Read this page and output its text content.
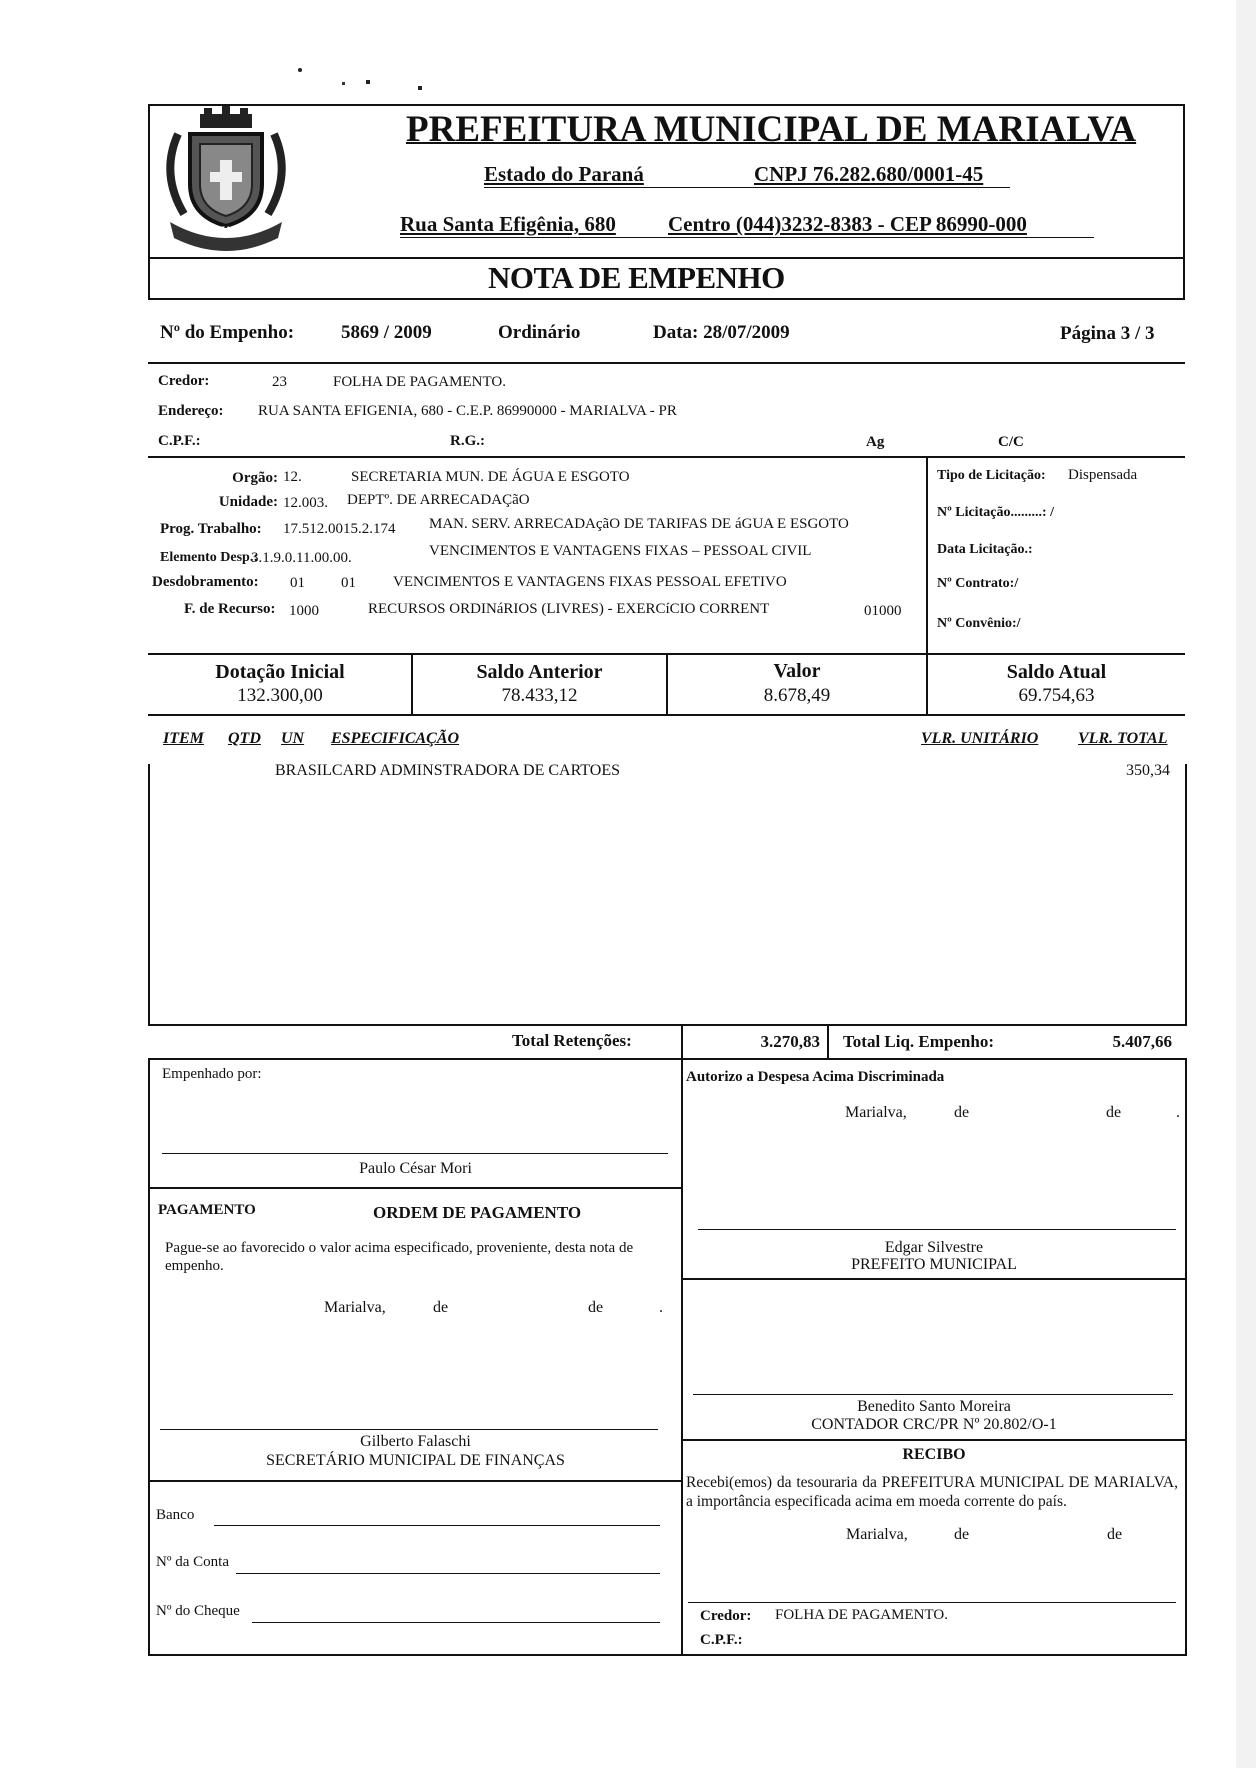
MARIALVA
PREFEITURA MUNICIPAL DE MARIALVA
Estado do Paraná	CNPJ 76.282.680/0001-45
Rua Santa Efigênia, 680 Centro (044)3232-8383 - CEP 86990-000
NOTA DE EMPENHO
Nº do Empenho: 5869 / 2009	Ordinário	Data: 28/07/2009	Página 3 / 3
Credor:	23	FOLHA DE PAGAMENTO.
Endereço: RUA SANTA EFIGENIA, 680 - C.E.P. 86990000 - MARIALVA - PR
C.P.F.:	R.G.:	Ag	C/C
Orgão: 12.	SECRETARIA MUN. DE ÁGUA E ESGOTO
Unidade: 12.003. DEPTº. DE ARRECADAÇãO
Prog. Trabalho: 17.512.0015.2.174 MAN. SERV. ARRECADAçãO DE TARIFAS DE áGUA E ESGOTO
Elemento Desp.:
3.1.9.0.11.00.00.	VENCIMENTOS E VANTAGENS FIXAS – PESSOAL CIVIL
Desdobramento: 01 01 VENCIMENTOS E VANTAGENS FIXAS PESSOAL EFETIVO
F. de Recurso: 1000	RECURSOS ORDINáRIOS (LIVRES) - EXERCíCIO CORRENT	01000
Tipo de Licitação: Dispensada
Nº Licitação.........: /
Data Licitação.:
Nº Contrato:/
Nº Convênio:/
Dotação Inicial
132.300,00
Saldo Anterior
78.433,12
Valor
8.678,49
Saldo Atual
69.754,63
ITEM QTD UN ESPECIFICAÇÃO	VLR. UNITÁRIO VLR. TOTAL
BRASILCARD ADMINSTRADORA DE CARTOES	350,34
Total Retenções:	3.270,83 Total Liq. Empenho:	5.407,66
Empenhado por:
Paulo César Mori
PAGAMENTO	ORDEM DE PAGAMENTO
Pague-se ao favorecido o valor acima especificado, proveniente, desta nota de empenho.
Marialva,	de	de	.
Gilberto Falaschi
SECRETÁRIO MUNICIPAL DE FINANÇAS
Banco
Nº da Conta
Nº do Cheque
Autorizo a Despesa Acima Discriminada
Marialva,	de	de	.
Edgar Silvestre
PREFEITO MUNICIPAL
Benedito Santo Moreira
CONTADOR CRC/PR Nº 20.802/O-1
RECIBO
Recebi(emos) da tesouraria da PREFEITURA MUNICIPAL DE MARIALVA, a importância especificada acima em moeda corrente do país.
Marialva,	de	de
Credor: FOLHA DE PAGAMENTO.
C.P.F.:
